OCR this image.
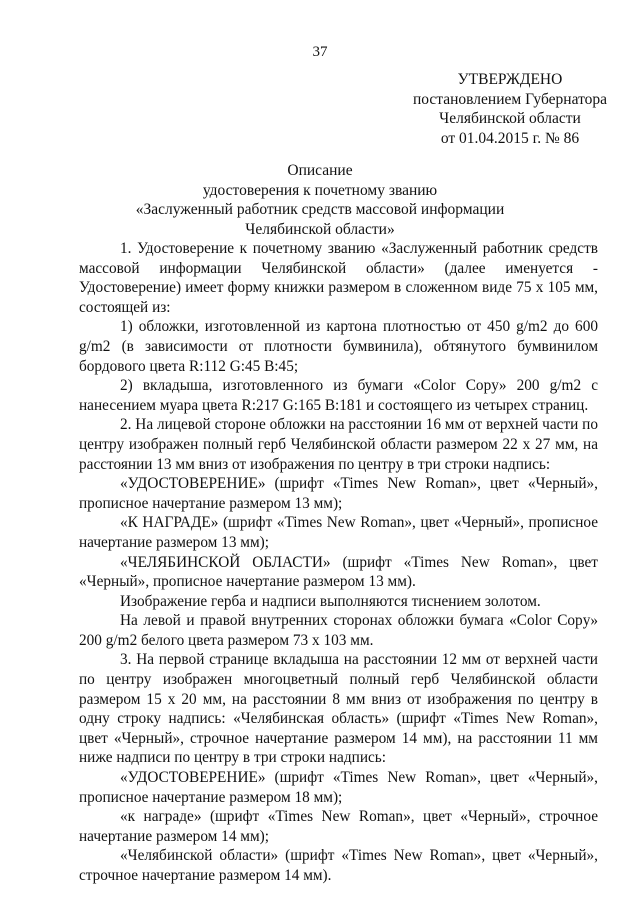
37
УТВЕРЖДЕНО
постановлением Губернатора
Челябинской области
от 01.04.2015 г. № 86
Описание
удостоверения к почетному званию
«Заслуженный работник средств массовой информации
Челябинской области»

1. Удостоверение к почетному званию «Заслуженный работник средств массовой информации Челябинской области» (далее именуется - Удостоверение) имеет форму книжки размером в сложенном виде 75 х 105 мм, состоящей из:

1) обложки, изготовленной из картона плотностью от 450 g/m2 до 600 g/m2 (в зависимости от плотности бумвинила), обтянутого бумвинилом бордового цвета R:112 G:45 B:45;

2) вкладыша, изготовленного из бумаги «Color Copy» 200 g/m2 с нанесением муара цвета R:217 G:165 B:181 и состоящего из четырех страниц.

2. На лицевой стороне обложки на расстоянии 16 мм от верхней части по центру изображен полный герб Челябинской области размером 22 х 27 мм, на расстоянии 13 мм вниз от изображения по центру в три строки надпись:

«УДОСТОВЕРЕНИЕ» (шрифт «Times New Roman», цвет «Черный», прописное начертание размером 13 мм);

«К НАГРАДЕ» (шрифт «Times New Roman», цвет «Черный», прописное начертание размером 13 мм);

«ЧЕЛЯБИНСКОЙ ОБЛАСТИ» (шрифт «Times New Roman», цвет «Черный», прописное начертание размером 13 мм).

Изображение герба и надписи выполняются тиснением золотом.

На левой и правой внутренних сторонах обложки бумага «Color Copy» 200 g/m2 белого цвета размером 73 х 103 мм.

3. На первой странице вкладыша на расстоянии 12 мм от верхней части по центру изображен многоцветный полный герб Челябинской области размером 15 х 20 мм, на расстоянии 8 мм вниз от изображения по центру в одну строку надпись: «Челябинская область» (шрифт «Times New Roman», цвет «Черный», строчное начертание размером 14 мм), на расстоянии 11 мм ниже надписи по центру в три строки надпись:

«УДОСТОВЕРЕНИЕ» (шрифт «Times New Roman», цвет «Черный», прописное начертание размером 18 мм);

«к награде» (шрифт «Times New Roman», цвет «Черный», строчное начертание размером 14 мм);

«Челябинской области» (шрифт «Times New Roman», цвет «Черный», строчное начертание размером 14 мм).
